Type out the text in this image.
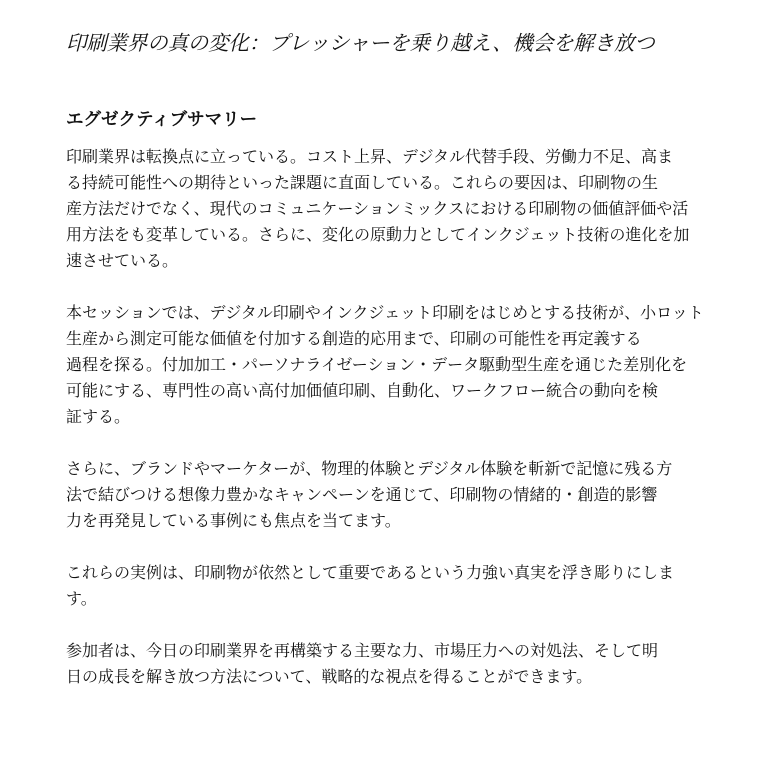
印刷業界の真の変化：プレッシャーを乗り越え、機会を解き放つ
エグゼクティブサマリー

印刷業界は転換点に立っている。コスト上昇、デジタル代替手段、労働力不足、高ま
る持続可能性への期待といった課題に直面している。これらの要因は、印刷物の生
産方法だけでなく、現代のコミュニケーションミックスにおける印刷物の価値評価や活
用方法をも変革している。さらに、変化の原動力としてインクジェット技術の進化を加
速させている。

本セッションでは、デジタル印刷やインクジェット印刷をはじめとする技術が、小ロット
生産から測定可能な価値を付加する創造的応用まで、印刷の可能性を再定義する
過程を探る。付加加工・パーソナライゼーション・データ駆動型生産を通じた差別化を
可能にする、専門性の高い高付加価値印刷、自動化、ワークフロー統合の動向を検
証する。

さらに、ブランドやマーケターが、物理的体験とデジタル体験を斬新で記憶に残る方
法で結びつける想像力豊かなキャンペーンを通じて、印刷物の情緒的・創造的影響
力を再発見している事例にも焦点を当てます。

これらの実例は、印刷物が依然として重要であるという力強い真実を浮き彫りにしま
す。

参加者は、今日の印刷業界を再構築する主要な力、市場圧力への対処法、そして明
日の成長を解き放つ方法について、戦略的な視点を得ることができます。
